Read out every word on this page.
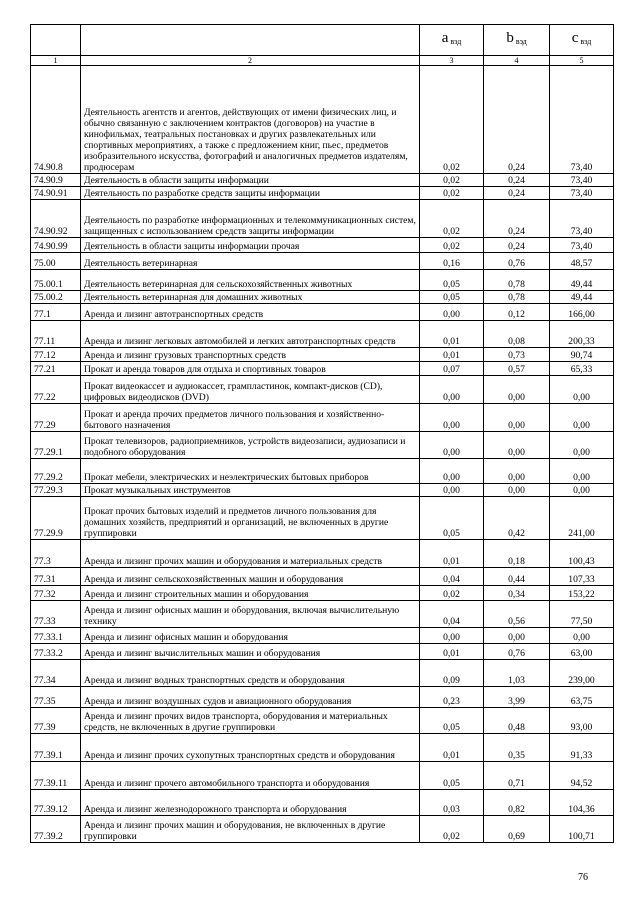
		a $_{вэд}$	b $_{вэд}$	c $_{вэд}$
1	2	3	4	5
74.90.8	Деятельность агентств и агентов, действующих от имени физических лиц, и обычно связанную с заключением контрактов (договоров) на участие в кинофильмах, театральных постановках и других развлекательных или спортивных мероприятиях, а также с предложением книг, пьес, предметов изобразительного искусства, фотографий и аналогичных предметов издателям, продюсерам	0,02	0,24	73,40
74.90.9	Деятельность в области защиты информации	0,02	0,24	73,40
74.90.91	Деятельность по разработке средств защиты информации	0,02	0,24	73,40
74.90.92	Деятельность по разработке информационных и телекоммуникационных систем, защищенных с использованием средств защиты информации	0,02	0,24	73,40
74.90.99	Деятельность в области защиты информации прочая	0,02	0,24	73,40
75.00	Деятельность ветеринарная	0,16	0,76	48,57
75.00.1	Деятельность ветеринарная для сельскохозяйственных животных	0,05	0,78	49,44
75.00.2	Деятельность ветеринарная для домашних животных	0,05	0,78	49,44
77.1	Аренда и лизинг автотранспортных средств	0,00	0,12	166,00
77.11	Аренда и лизинг легковых автомобилей и легких автотранспортных средств	0,01	0,08	200,33
77.12	Аренда и лизинг грузовых транспортных средств	0,01	0,73	90,74
77.21	Прокат и аренда товаров для отдыха и спортивных товаров	0,07	0,57	65,33
77.22	Прокат видеокассет и аудиокассет, грампластинок, компакт-дисков (CD), цифровых видеодисков (DVD)	0,00	0,00	0,00
77.29	Прокат и аренда прочих предметов личного пользования и хозяйственно-бытового назначения	0,00	0,00	0,00
77.29.1	Прокат телевизоров, радиоприемников, устройств видеозаписи, аудиозаписи и подобного оборудования	0,00	0,00	0,00
77.29.2	Прокат мебели, электрических и неэлектрических бытовых приборов	0,00	0,00	0,00
77.29.3	Прокат музыкальных инструментов	0,00	0,00	0,00
77.29.9	Прокат прочих бытовых изделий и предметов личного пользования для домашних хозяйств, предприятий и организаций, не включенных в другие группировки	0,05	0,42	241,00
77.3	Аренда и лизинг прочих машин и оборудования и материальных средств	0,01	0,18	100,43
77.31	Аренда и лизинг сельскохозяйственных машин и оборудования	0,04	0,44	107,33
77.32	Аренда и лизинг строительных машин и оборудования	0,02	0,34	153,22
77.33	Аренда и лизинг офисных машин и оборудования, включая вычислительную технику	0,04	0,56	77,50
77.33.1	Аренда и лизинг офисных машин и оборудования	0,00	0,00	0,00
77.33.2	Аренда и лизинг вычислительных машин и оборудования	0,01	0,76	63,00
77.34	Аренда и лизинг водных транспортных средств и оборудования	0,09	1,03	239,00
77.35	Аренда и лизинг воздушных судов и авиационного оборудования	0,23	3,99	63,75
77.39	Аренда и лизинг прочих видов транспорта, оборудования и материальных средств, не включенных в другие группировки	0,05	0,48	93,00
77.39.1	Аренда и лизинг прочих сухопутных транспортных средств и оборудования	0,01	0,35	91,33
77.39.11	Аренда и лизинг прочего автомобильного транспорта и оборудования	0,05	0,71	94,52
77.39.12	Аренда и лизинг железнодорожного транспорта и оборудования	0,03	0,82	104,36
77.39.2	Аренда и лизинг прочих машин и оборудования, не включенных в другие группировки	0,02	0,69	100,71
76
